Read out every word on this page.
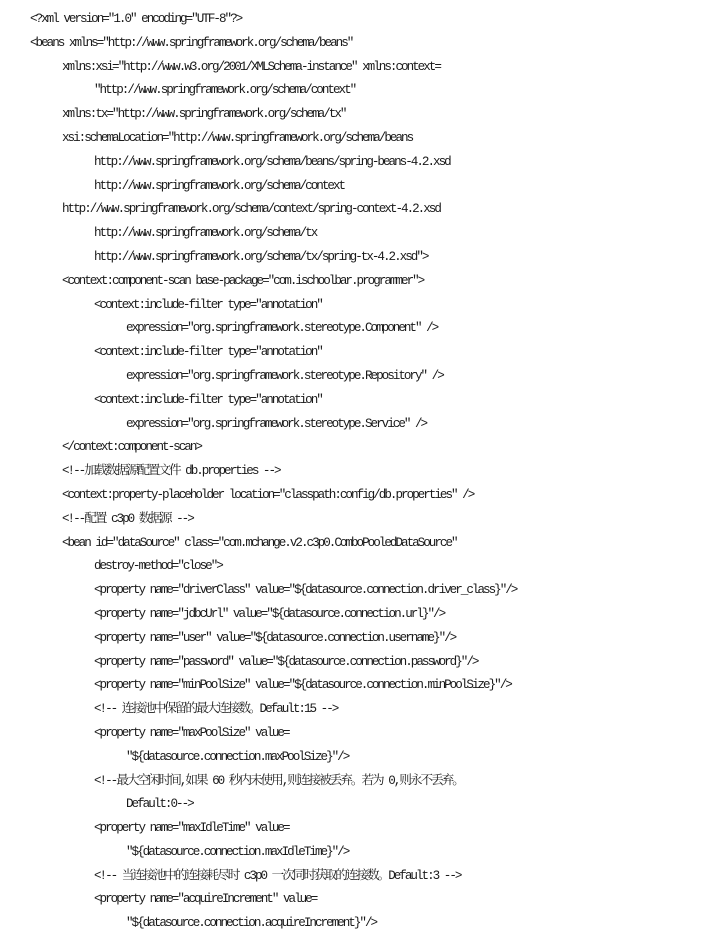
<?xml version="1.0" encoding="UTF-8"?>
<beans xmlns="http://www.springframework.org/schema/beans"
xmlns:xsi="http://www.w3.org/2001/XMLSchema-instance" xmlns:context=
"http://www.springframework.org/schema/context"
xmlns:tx="http://www.springframework.org/schema/tx"
xsi:schemaLocation="http://www.springframework.org/schema/beans
http://www.springframework.org/schema/beans/spring-beans-4.2.xsd
http://www.springframework.org/schema/context
http://www.springframework.org/schema/context/spring-context-4.2.xsd
http://www.springframework.org/schema/tx
http://www.springframework.org/schema/tx/spring-tx-4.2.xsd">
<context:component-scan base-package="com.ischoolbar.programmer">
<context:include-filter type="annotation"
expression="org.springframework.stereotype.Component" />
<context:include-filter type="annotation"
expression="org.springframework.stereotype.Repository" />
<context:include-filter type="annotation"
expression="org.springframework.stereotype.Service" />
</context:component-scan>
<!--加载数据源配置文件 db.properties -->
<context:property-placeholder location="classpath:config/db.properties" />
<!--配置 c3p0 数据源 -->
<bean id="dataSource" class="com.mchange.v2.c3p0.ComboPooledDataSource"
destroy-method="close">
<property name="driverClass" value="${datasource.connection.driver_class}"/>
<property name="jdbcUrl" value="${datasource.connection.url}"/>
<property name="user" value="${datasource.connection.username}"/>
<property name="password" value="${datasource.connection.password}"/>
<property name="minPoolSize" value="${datasource.connection.minPoolSize}"/>
<!-- 连接池中保留的最大连接数。Default:15 -->
<property name="maxPoolSize" value=
"${datasource.connection.maxPoolSize}"/>
<!--最大空闲时间,如果 60 秒内未使用,则连接被丢弃。若为 0,则永不丢弃。
Default:0-->
<property name="maxIdleTime" value=
"${datasource.connection.maxIdleTime}"/>
<!-- 当连接池中的连接耗尽时 c3p0 一次同时获取的连接数。Default:3 -->
<property name="acquireIncrement" value=
"${datasource.connection.acquireIncrement}"/>
